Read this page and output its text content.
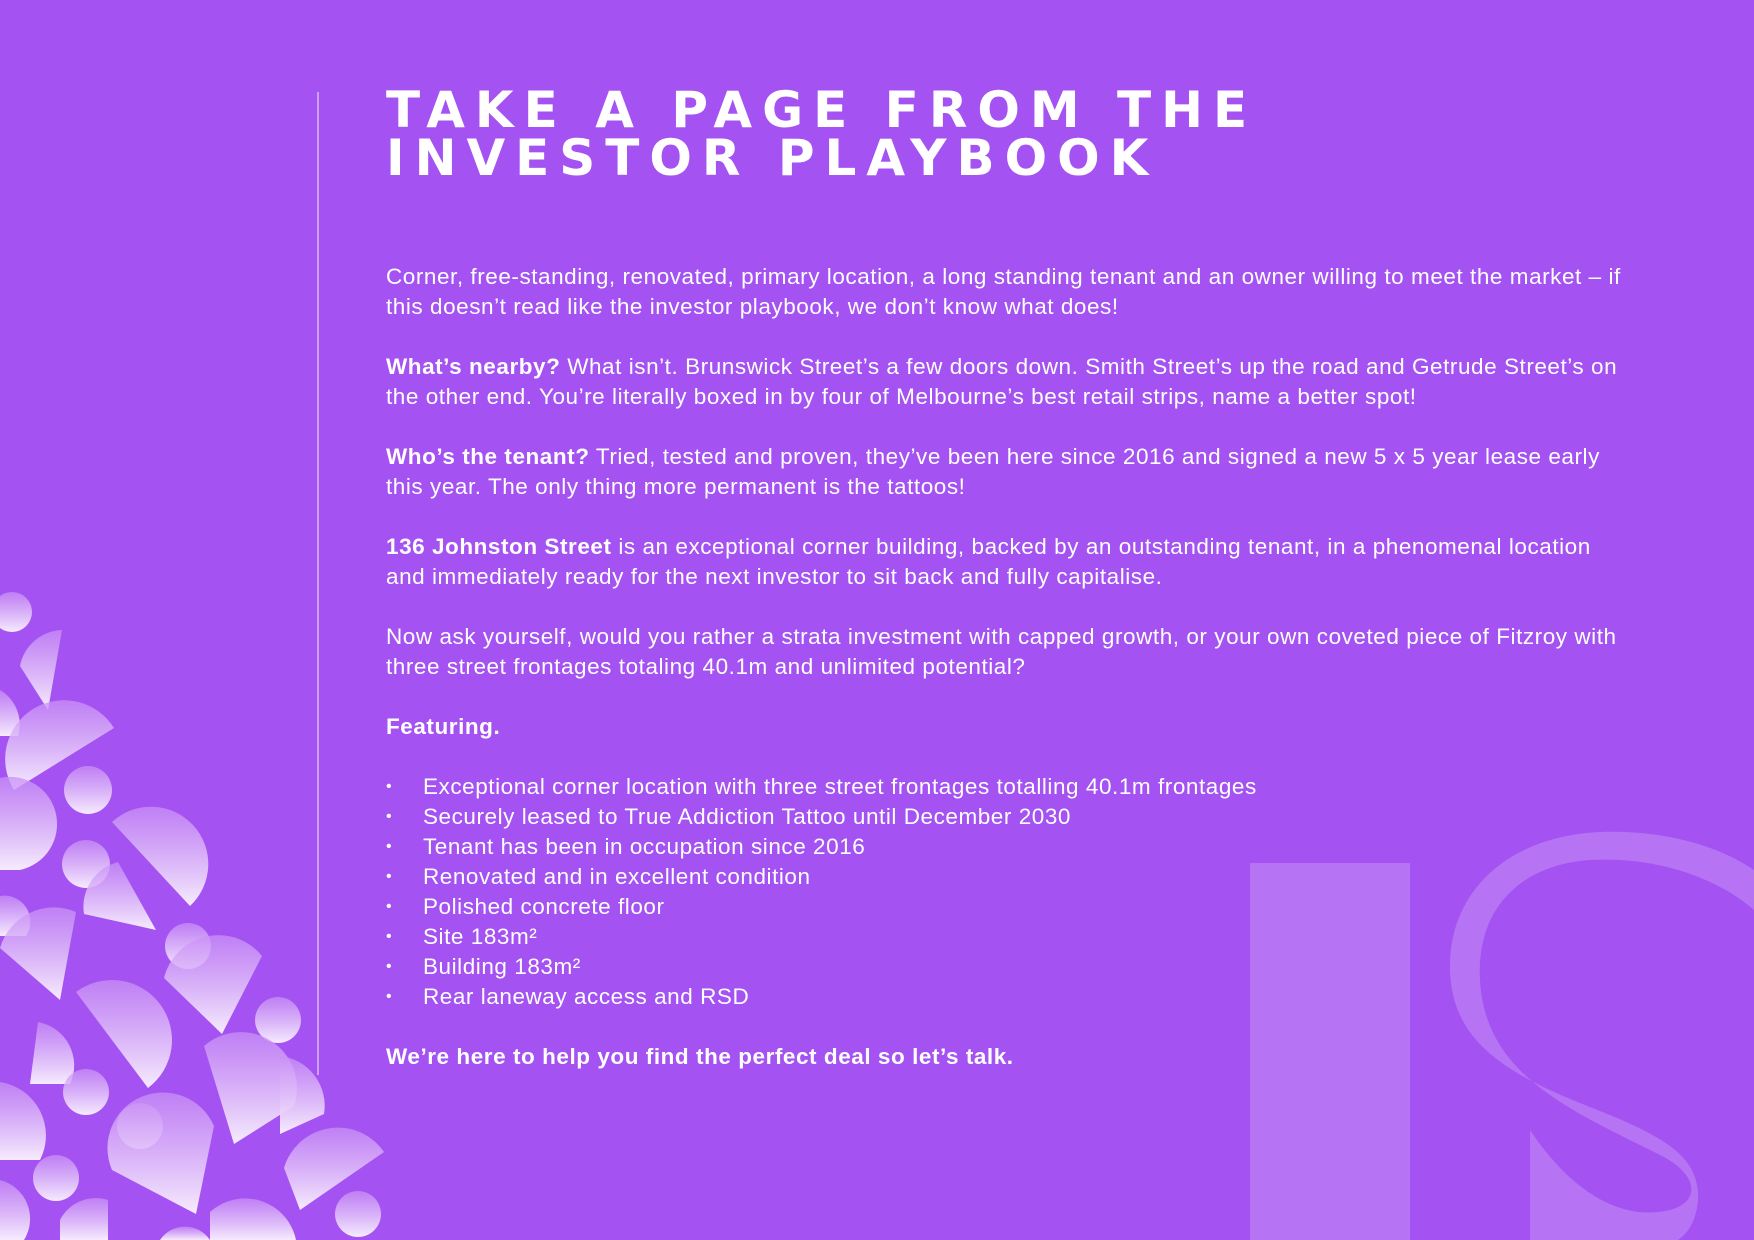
TAKE A PAGE FROM THE
INVESTOR PLAYBOOK

Corner, free-standing, renovated, primary location, a long standing tenant and an owner willing to meet the market – if this doesn’t read like the investor playbook, we don’t know what does!

What’s nearby? What isn’t. Brunswick Street’s a few doors down. Smith Street’s up the road and Getrude Street’s on the other end. You’re literally boxed in by four of Melbourne’s best retail strips, name a better spot!

Who’s the tenant? Tried, tested and proven, they’ve been here since 2016 and signed a new 5 x 5 year lease early this year. The only thing more permanent is the tattoos!

136 Johnston Street is an exceptional corner building, backed by an outstanding tenant, in a phenomenal location and immediately ready for the next investor to sit back and fully capitalise.

Now ask yourself, would you rather a strata investment with capped growth, or your own coveted piece of Fitzroy with three street frontages totaling 40.1m and unlimited potential?

Featuring.

• Exceptional corner location with three street frontages totalling 40.1m frontages
• Securely leased to True Addiction Tattoo until December 2030
• Tenant has been in occupation since 2016
• Renovated and in excellent condition
• Polished concrete floor
• Site 183m²
• Building 183m²
• Rear laneway access and RSD

We’re here to help you find the perfect deal so let’s talk.
